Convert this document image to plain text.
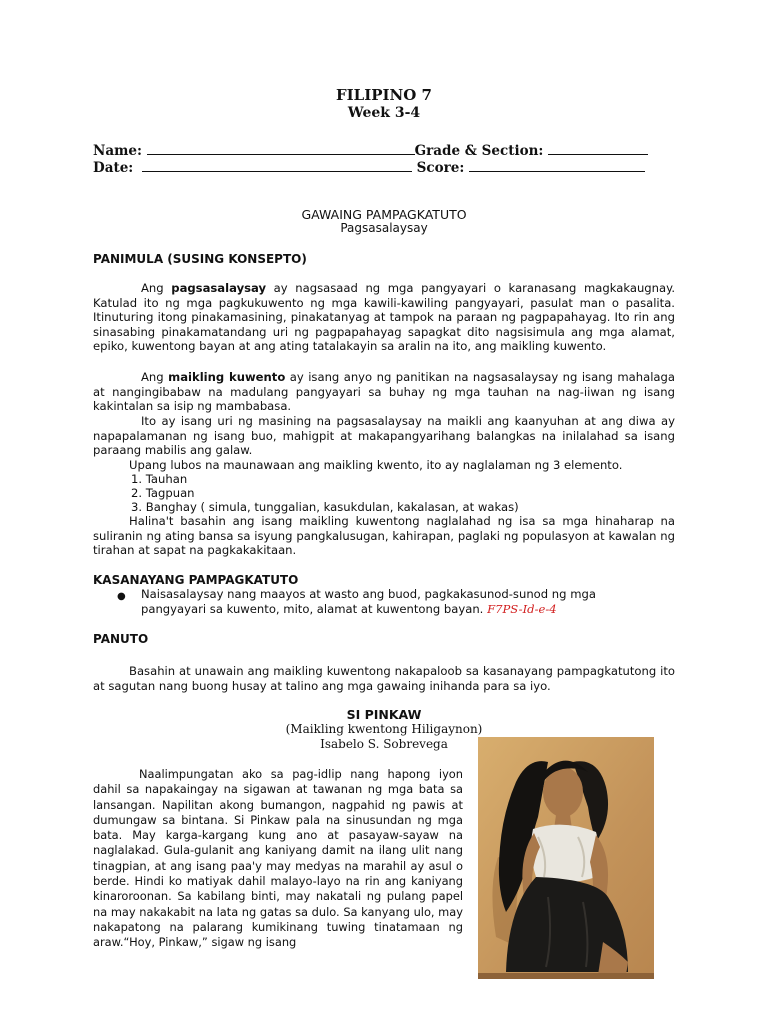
FILIPINO 7
Week 3-4
Name:	Grade & Section:
Date:	Score:
GAWAING PAMPAGKATUTO
Pagsasalaysay
PANIMULA (SUSING KONSEPTO)
Ang pagsasalaysay ay nagsasaad ng mga pangyayari o karanasang magkakaugnay. Katulad ito ng mga pagkukuwento ng mga kawili-kawiling pangyayari, pasulat man o pasalita. Itinuturing itong pinakamasining, pinakatanyag at tampok na paraan ng pagpapahayag. Ito rin ang sinasabing pinakamatandang uri ng pagpapahayag sapagkat dito nagsisimula ang mga alamat, epiko, kuwentong bayan at ang ating tatalakayin sa aralin na ito, ang maikling kuwento.
Ang maikling kuwento ay isang anyo ng panitikan na nagsasalaysay ng isang mahalaga at nangingibabaw na madulang pangyayari sa buhay ng mga tauhan na nag-iiwan ng isang kakintalan sa isip ng mambabasa.
Ito ay isang uri ng masining na pagsasalaysay na maikli ang kaanyuhan at ang diwa ay napapalamanan ng isang buo, mahigpit at makapangyarihang balangkas na inilalahad sa isang paraang mabilis ang galaw.
Upang lubos na maunawaan ang maikling kwento, ito ay naglalaman ng 3 elemento.
1. Tauhan
2. Tagpuan
3. Banghay ( simula, tunggalian, kasukdulan, kakalasan, at wakas)
Halina't basahin ang isang maikling kuwentong naglalahad ng isa sa mga hinaharap na suliranin ng ating bansa sa isyung pangkalusugan, kahirapan, paglaki ng populasyon at kawalan ng tirahan at sapat na pagkakakitaan.
KASANAYANG PAMPAGKATUTO
● Naisasalaysay nang maayos at wasto ang buod, pagkakasunod-sunod ng mga
pangyayari sa kuwento, mito, alamat at kuwentong bayan. F7PS-Id-e-4
PANUTO
Basahin at unawain ang maikling kuwentong nakapaloob sa kasanayang pampagkatutong ito at sagutan nang buong husay at talino ang mga gawaing inihanda para sa iyo.
SI PINKAW
(Maikling kwentong Hiligaynon)
Isabelo S. Sobrevega
Naalimpungatan ako sa pag-idlip nang hapong iyon dahil sa napakaingay na sigawan at tawanan ng mga bata sa lansangan. Napilitan akong bumangon, nagpahid ng pawis at dumungaw sa bintana. Si Pinkaw pala na sinusundan ng mga bata. May karga-kargang kung ano at pasayaw-sayaw na naglalakad. Gula-gulanit ang kaniyang damit na ilang ulit nang tinagpian, at ang isang paa'y may medyas na marahil ay asul o berde. Hindi ko matiyak dahil malayo-layo na rin ang kaniyang kinaroroonan. Sa kabilang binti, may nakatali ng pulang papel na may nakakabit na lata ng gatas sa dulo. Sa kanyang ulo, may nakapatong na palarang kumikinang tuwing tinatamaan ng araw.“Hoy, Pinkaw,” sigaw ng isang
